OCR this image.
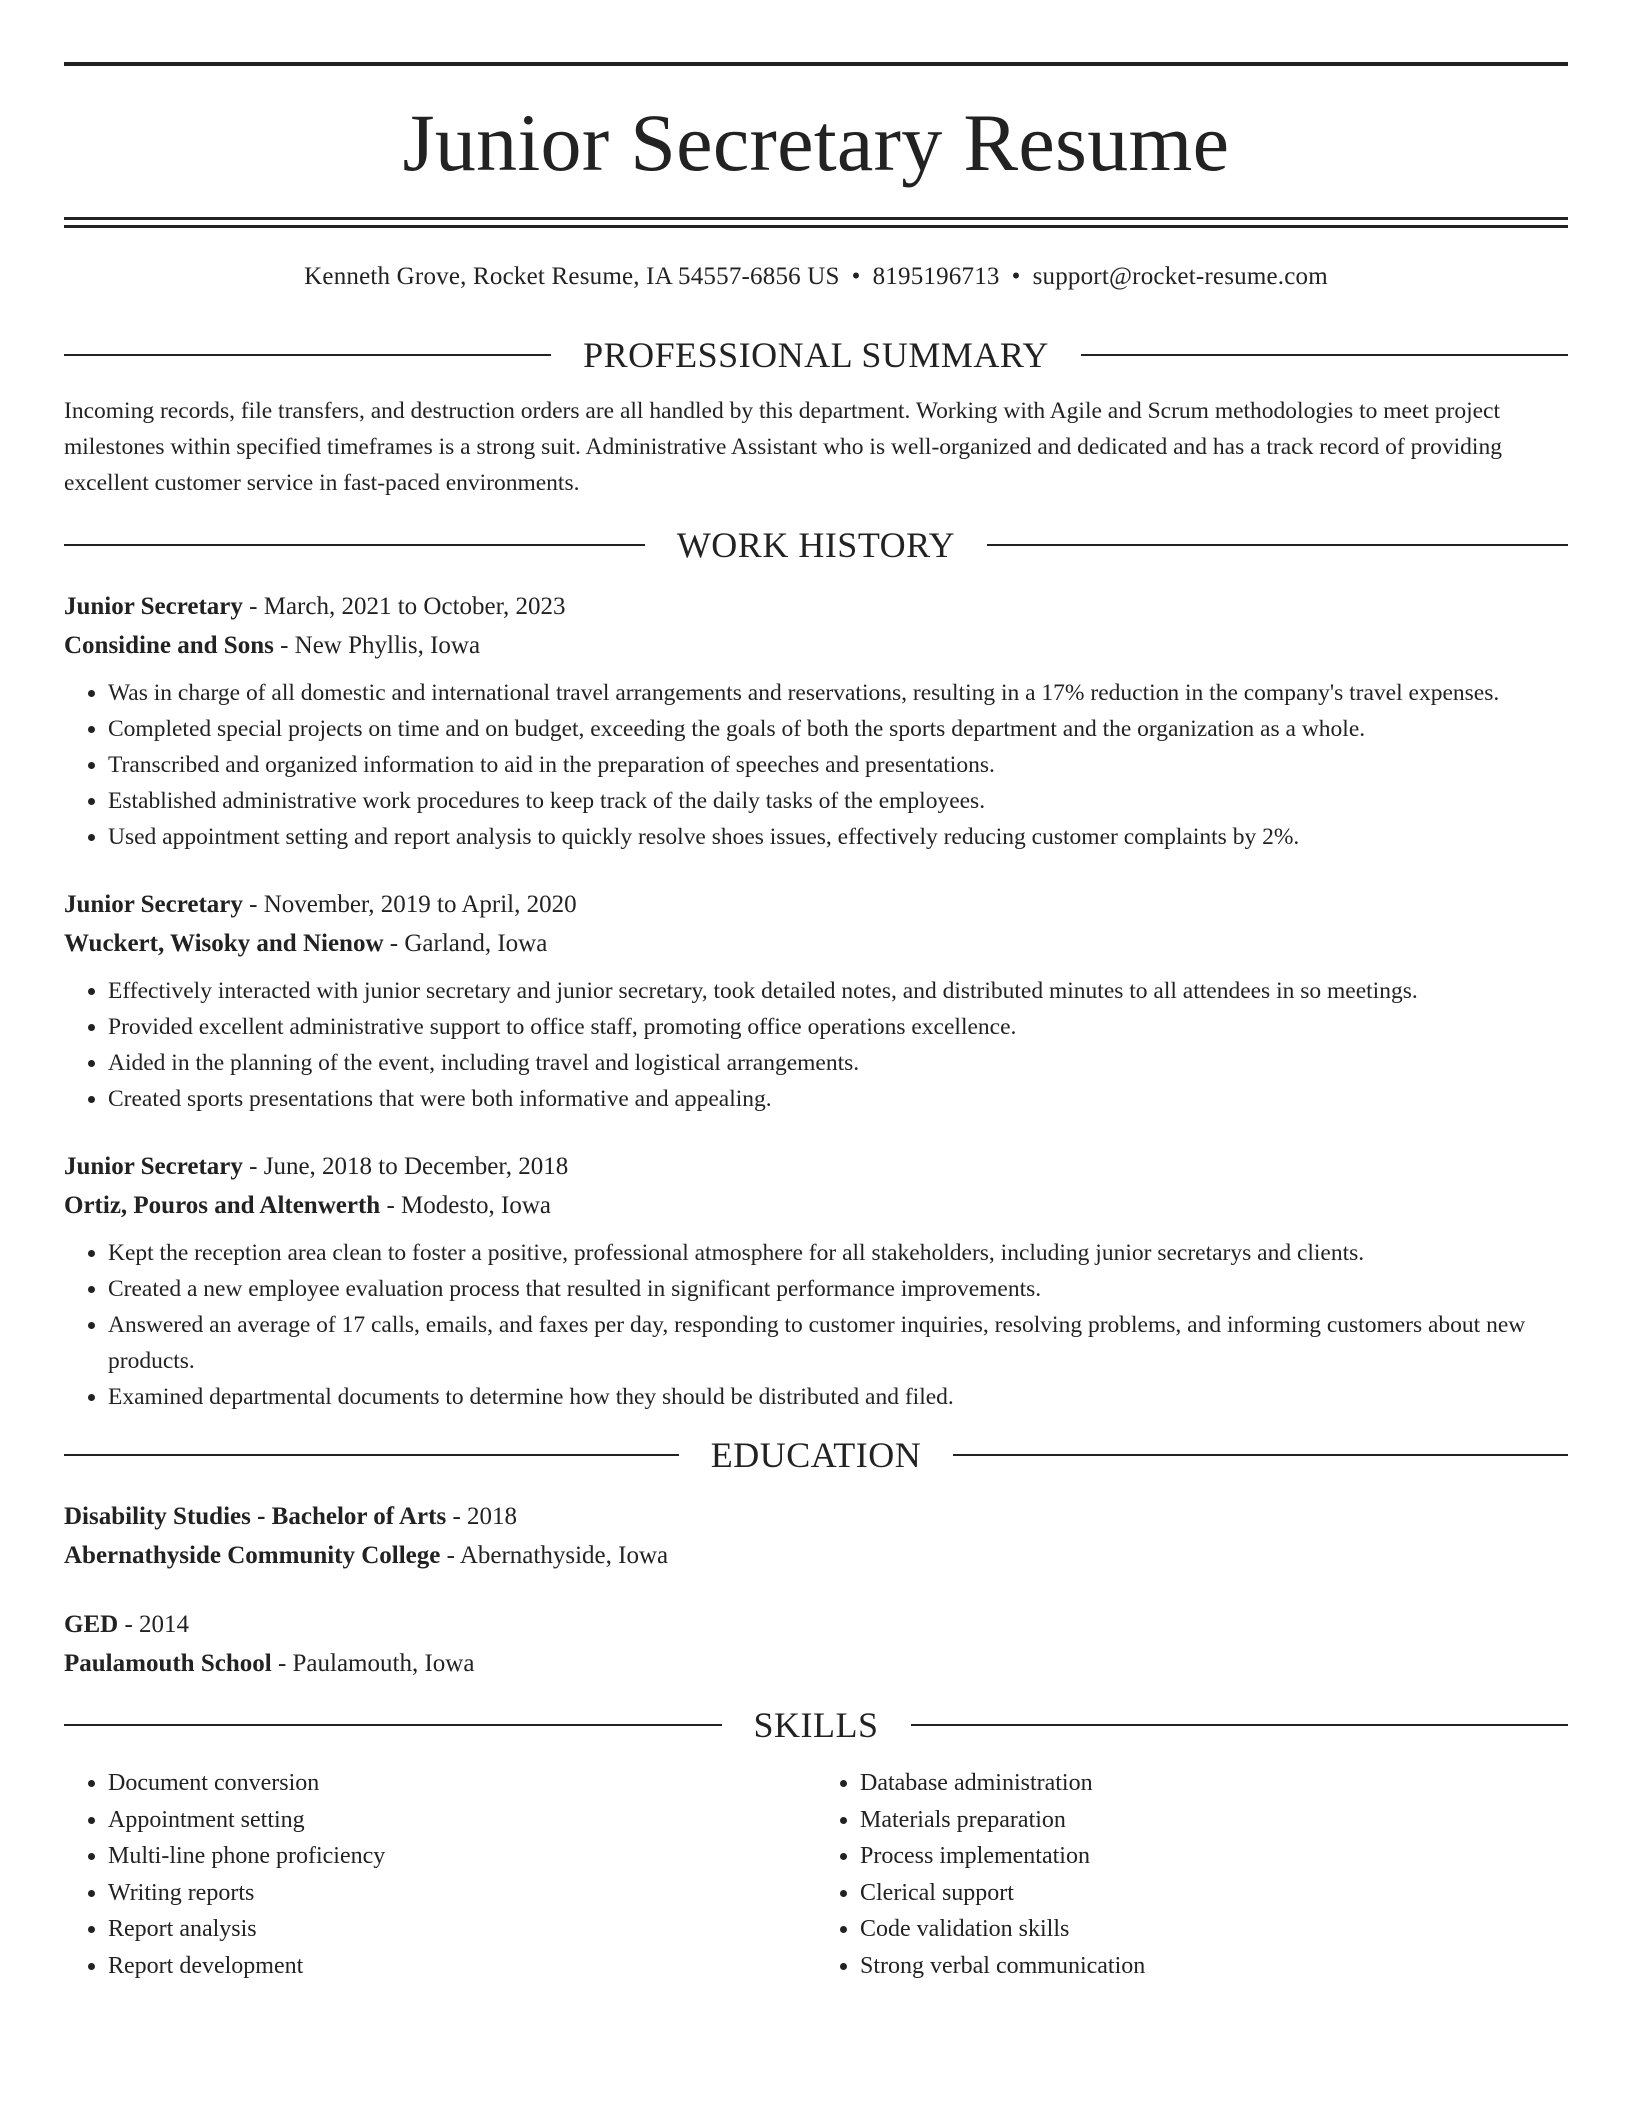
Junior Secretary Resume
Kenneth Grove, Rocket Resume, IA 54557-6856 US • 8195196713 • support@rocket-resume.com
PROFESSIONAL SUMMARY

Incoming records, file transfers, and destruction orders are all handled by this department. Working with Agile and Scrum methodologies to meet project milestones within specified timeframes is a strong suit. Administrative Assistant who is well-organized and dedicated and has a track record of providing excellent customer service in fast-paced environments.

WORK HISTORY

Junior Secretary - March, 2021 to October, 2023

Considine and Sons - New Phyllis, Iowa

• Was in charge of all domestic and international travel arrangements and reservations, resulting in a 17% reduction in the company's travel expenses.
• Completed special projects on time and on budget, exceeding the goals of both the sports department and the organization as a whole.
• Transcribed and organized information to aid in the preparation of speeches and presentations.
• Established administrative work procedures to keep track of the daily tasks of the employees.
• Used appointment setting and report analysis to quickly resolve shoes issues, effectively reducing customer complaints by 2%.

Junior Secretary - November, 2019 to April, 2020

Wuckert, Wisoky and Nienow - Garland, Iowa

• Effectively interacted with junior secretary and junior secretary, took detailed notes, and distributed minutes to all attendees in so meetings.
• Provided excellent administrative support to office staff, promoting office operations excellence.
• Aided in the planning of the event, including travel and logistical arrangements.
• Created sports presentations that were both informative and appealing.

Junior Secretary - June, 2018 to December, 2018

Ortiz, Pouros and Altenwerth - Modesto, Iowa

• Kept the reception area clean to foster a positive, professional atmosphere for all stakeholders, including junior secretarys and clients.
• Created a new employee evaluation process that resulted in significant performance improvements.
• Answered an average of 17 calls, emails, and faxes per day, responding to customer inquiries, resolving problems, and informing customers about new products.
• Examined departmental documents to determine how they should be distributed and filed.
EDUCATION

Disability Studies - Bachelor of Arts - 2018

Abernathyside Community College - Abernathyside, Iowa

GED - 2014

Paulamouth School - Paulamouth, Iowa

SKILLS
• Document conversion
• Appointment setting
• Multi-line phone proficiency
• Writing reports
• Report analysis
• Report development
• Database administration
• Materials preparation
• Process implementation
• Clerical support
• Code validation skills
• Strong verbal communication
